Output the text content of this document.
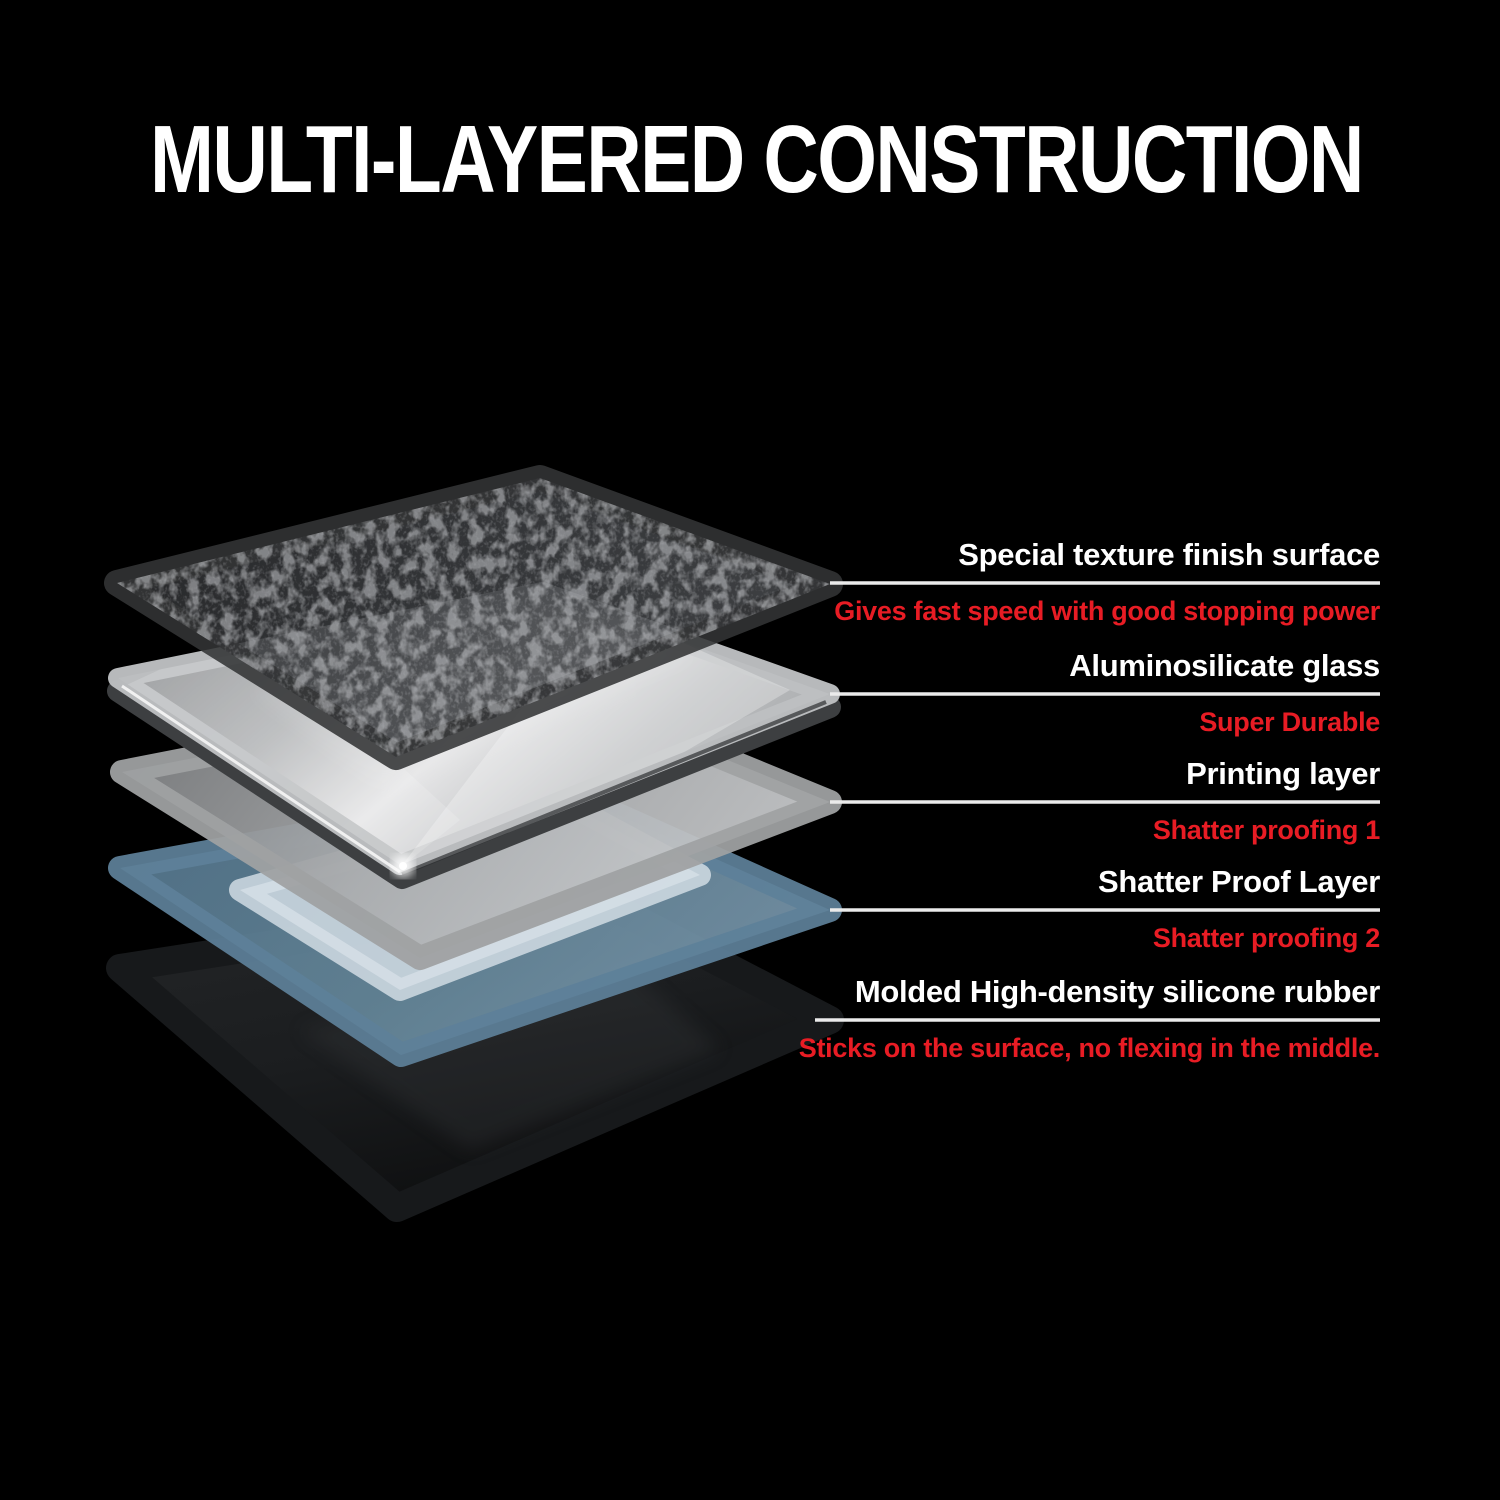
MULTI-LAYERED CONSTRUCTION
Special texture finish surface
Gives fast speed with good stopping power
Aluminosilicate glass
Super Durable
Printing layer
Shatter proofing 1
Shatter Proof Layer
Shatter proofing 2
Molded High-density silicone rubber
Sticks on the surface, no flexing in the middle.
